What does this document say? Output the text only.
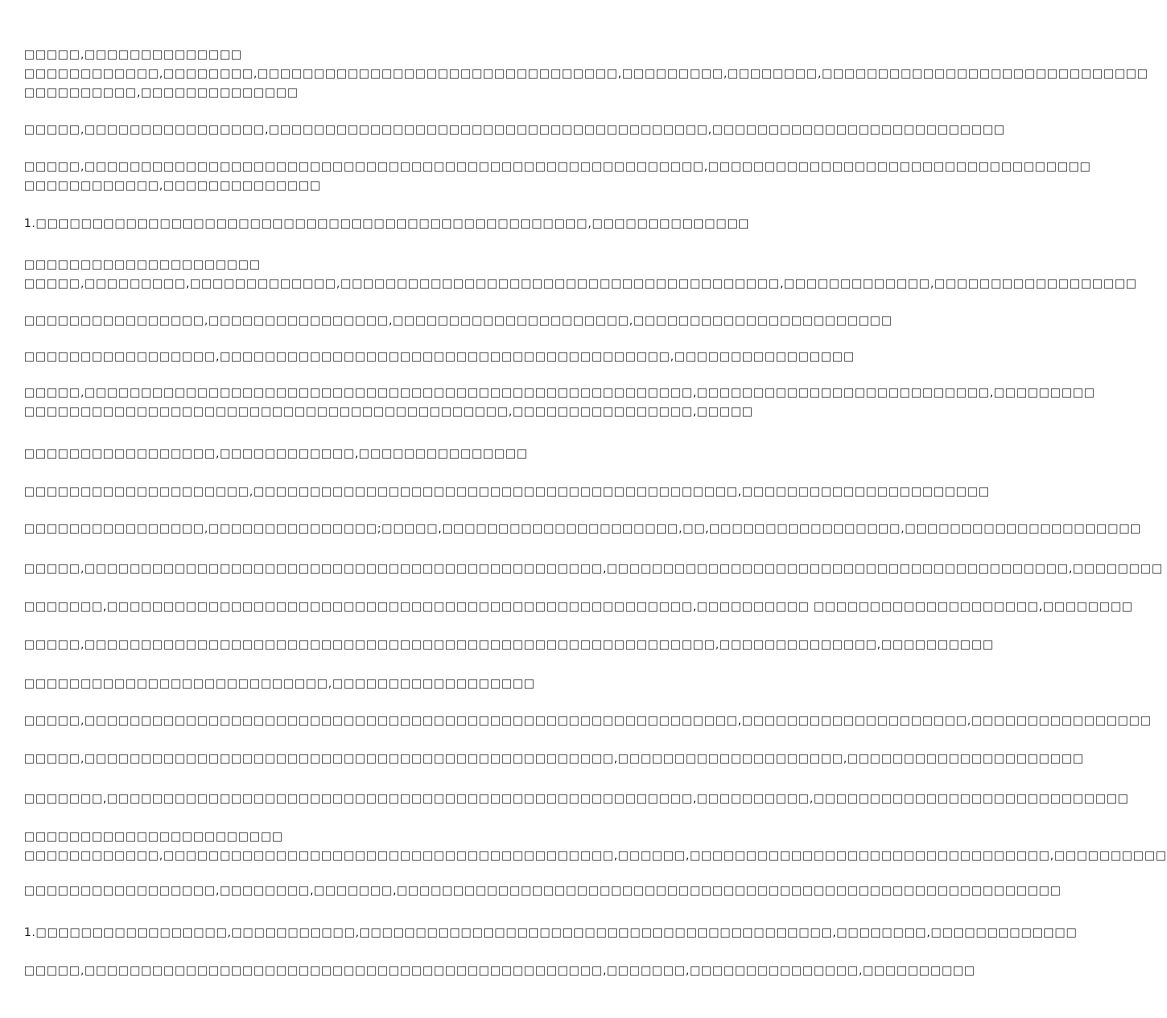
□□□□□,□□□□□□□□□□□□□□
□□□□□□□□□□□□,□□□□□□□□,□□□□□□□□□□□□□□□□□□□□□□□□□□□□□□□□,□□□□□□□□□,□□□□□□□□,□□□□□□□□□□□□□□□□□□□□□□□□□□□□□
□□□□□□□□□□,□□□□□□□□□□□□□□
□□□□□,□□□□□□□□□□□□□□□□,□□□□□□□□□□□□□□□□□□□□□□□□□□□□□□□□□□□□□□□,□□□□□□□□□□□□□□□□□□□□□□□□□□
□□□□□,□□□□□□□□□□□□□□□□□□□□□□□□□□□□□□□□□□□□□□□□□□□□□□□□□□□□□□□,□□□□□□□□□□□□□□□□□□□□□□□□□□□□□□□□□□
□□□□□□□□□□□□,□□□□□□□□□□□□□□
1.□□□□□□□□□□□□□□□□□□□□□□□□□□□□□□□□□□□□□□□□□□□□□□□□□,□□□□□□□□□□□□□□
□□□□□□□□□□□□□□□□□□□□□
□□□□□,□□□□□□□□□,□□□□□□□□□□□□□,□□□□□□□□□□□□□□□□□□□□□□□□□□□□□□□□□□□□□□□,□□□□□□□□□□□□□,□□□□□□□□□□□□□□□□□□
□□□□□□□□□□□□□□□□,□□□□□□□□□□□□□□□□,□□□□□□□□□□□□□□□□□□□□□,□□□□□□□□□□□□□□□□□□□□□□□
□□□□□□□□□□□□□□□□□,□□□□□□□□□□□□□□□□□□□□□□□□□□□□□□□□□□□□□□□□,□□□□□□□□□□□□□□□□
□□□□□,□□□□□□□□□□□□□□□□□□□□□□□□□□□□□□□□□□□□□□□□□□□□□□□□□□□□□□,□□□□□□□□□□□□□□□□□□□□□□□□□□,□□□□□□□□□
□□□□□□□□□□□□□□□□□□□□□□□□□□□□□□□□□□□□□□□□□□□,□□□□□□□□□□□□□□□□,□□□□□
□□□□□□□□□□□□□□□□□,□□□□□□□□□□□□,□□□□□□□□□□□□□□□
□□□□□□□□□□□□□□□□□□□□,□□□□□□□□□□□□□□□□□□□□□□□□□□□□□□□□□□□□□□□□□□□,□□□□□□□□□□□□□□□□□□□□□□
□□□□□□□□□□□□□□□□,□□□□□□□□□□□□□□□;□□□□□,□□□□□□□□□□□□□□□□□□□□□,□□,□□□□□□□□□□□□□□□□□,□□□□□□□□□□□□□□□□□□□□□
□□□□□,□□□□□□□□□□□□□□□□□□□□□□□□□□□□□□□□□□□□□□□□□□□□□□,□□□□□□□□□□□□□□□□□□□□□□□□□□□□□□□□□□□□□□□□□,□□□□□□□□
□□□□□□□,□□□□□□□□□□□□□□□□□□□□□□□□□□□□□□□□□□□□□□□□□□□□□□□□□□□□,□□□□□□□□□□ □□□□□□□□□□□□□□□□□□□□,□□□□□□□□
□□□□□,□□□□□□□□□□□□□□□□□□□□□□□□□□□□□□□□□□□□□□□□□□□□□□□□□□□□□□□□,□□□□□□□□□□□□□□,□□□□□□□□□□
□□□□□□□□□□□□□□□□□□□□□□□□□□□,□□□□□□□□□□□□□□□□□□
□□□□□,□□□□□□□□□□□□□□□□□□□□□□□□□□□□□□□□□□□□□□□□□□□□□□□□□□□□□□□□□□,□□□□□□□□□□□□□□□□□□□□,□□□□□□□□□□□□□□□□
□□□□□,□□□□□□□□□□□□□□□□□□□□□□□□□□□□□□□□□□□□□□□□□□□□□□□,□□□□□□□□□□□□□□□□□□□□,□□□□□□□□□□□□□□□□□□□□□
□□□□□□□,□□□□□□□□□□□□□□□□□□□□□□□□□□□□□□□□□□□□□□□□□□□□□□□□□□□□,□□□□□□□□□□,□□□□□□□□□□□□□□□□□□□□□□□□□□□□
□□□□□□□□□□□□□□□□□□□□□□□
□□□□□□□□□□□□,□□□□□□□□□□□□□□□□□□□□□□□□□□□□□□□□□□□□□□□□,□□□□□□,□□□□□□□□□□□□□□□□□□□□□□□□□□□□□□□□,□□□□□□□□□□
□□□□□□□□□□□□□□□□□,□□□□□□□□,□□□□□□□,□□□□□□□□□□□□□□□□□□□□□□□□□□□□□□□□□□□□□□□□□□□□□□□□□□□□□□□□□□□
1.□□□□□□□□□□□□□□□□□,□□□□□□□□□□□,□□□□□□□□□□□□□□□□□□□□□□□□□□□□□□□□□□□□□□□□□□,□□□□□□□□,□□□□□□□□□□□□□
□□□□□,□□□□□□□□□□□□□□□□□□□□□□□□□□□□□□□□□□□□□□□□□□□□□□,□□□□□□□,□□□□□□□□□□□□□□□,□□□□□□□□□□
